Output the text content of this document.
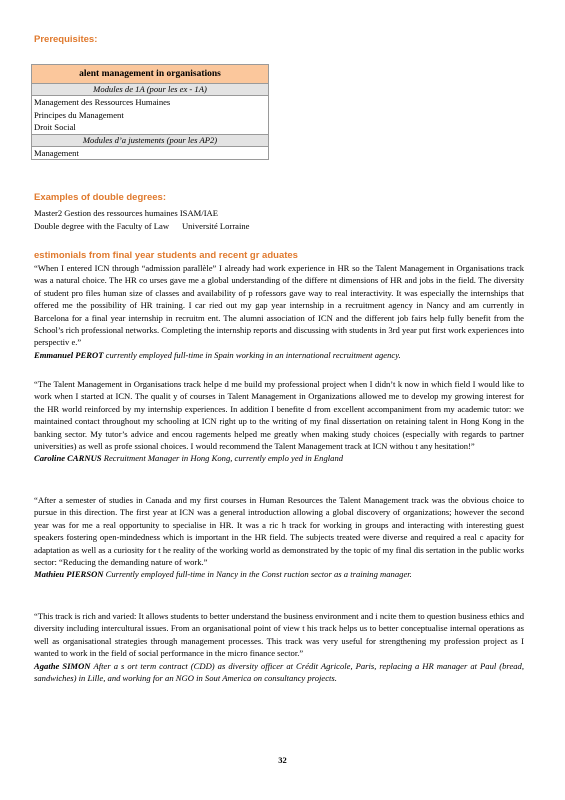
Prerequisites:
alent management in organisations
Modules de 1A (pour les ex - 1A)
Management des Ressources Humaines
Principes du Management
Droit Social
Modules d’a justements (pour les AP2)
Management
Examples of double degrees:
Master2 Gestion des ressources humaines ISAM/IAE
Double degree with the Faculty of Law      Université Lorraine
estimonials from final year students and recent gr aduates
“When I entered ICN through “admission parallèle” I already had work experience in HR so the Talent Management in Organisations track was a natural choice. The HR co urses gave me a global understanding of the differe nt dimensions of HR and jobs in the field. The diversity of student pro files human size of classes and availability of p rofessors gave way to real interactivity. It was especially the internships that offered me the possibility of HR training. I car ried out my gap year internship in a recruitment agency in Nancy and am currently in Barcelona for a final year internship in recruitm ent. The alumni association of ICN and the different job fairs help fully benefit from the School’s rich professional networks. Completing the internship reports and discussing with students in 3rd year put first work experiences into perspectiv e.”
Emmanuel PEROT currently employed full-time in Spain working in an international recruitment agency.
“The Talent Management in Organisations track helpe d me build my professional project when I didn’t k now in which field I would like to work when I started at ICN. The qualit y of courses in Talent Management in Organizations allowed me to develop my growing interest for the HR world reinforced by my internship experiences. In addition I benefite d from excellent accompaniment from my academic tutor: we maintained contact throughout my schooling at ICN right up to the writing of my final dissertation on retaining talent in Hong Kong in the banking sector. My tutor’s advice and encou ragements helped me greatly when making study choices (especially with regards to partner universities) as well as profe ssional choices. I would recommend the Talent Management track at ICN withou t any hesitation!”
Caroline CARNUS Recruitment Manager in Hong Kong, currently emplo yed in England
“After a semester of studies in Canada and my first courses in Human Resources the Talent Management track was the obvious choice to pursue in this direction. The first year at ICN was a general introduction allowing a global discovery of organizations; however the second year was for me a real opportunity to specialise in HR. It was a ric h track for working in groups and interacting with interesting guest speakers fostering open-mindedness which is important in the HR field. The subjects treated were diverse and required a real c apacity for adaptation as well as a curiosity for t he reality of the working world as demonstrated by the topic of my final dis sertation in the public works sector: “Reducing the demanding nature of work.”
Mathieu PIERSON Currently employed full-time in Nancy in the Const ruction sector as a training manager.
“This track is rich and varied: It allows students to better understand the business environment and i ncite them to question business ethics and diversity including intercultural issues. From an organisational point of view t his track helps us to better conceptualise internal operations as well as organisational strategies through management processes. This track was very useful for strengthening my profession project as I wanted to work in the field of social performance in the micro finance sector.”
Agathe SIMON After a s ort term contract (CDD) as diversity officer at Crédit Agricole, Paris, replacing a HR manager at Paul (bread, sandwiches) in Lille, and working for an NGO in Sout America on consultancy projects.
32
